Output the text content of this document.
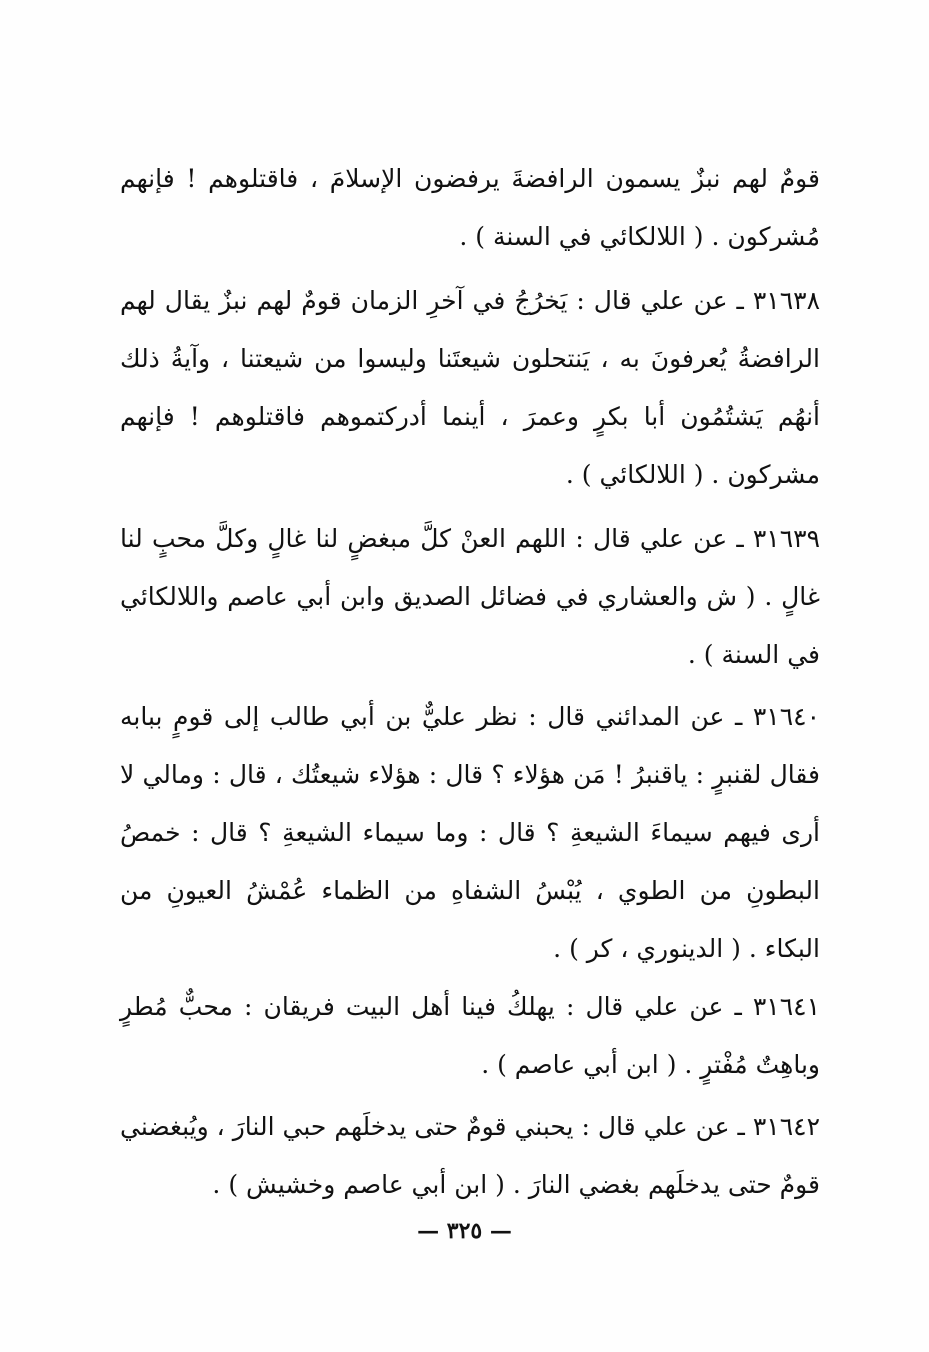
قومٌ لهم نبزٌ يسمون الرافضةَ يرفضون الإسلامَ ، فاقتلوهم ! فإنهم مُشركون . ( اللالكائي في السنة ) .

٣١٦٣٨ ـ عن علي قال : يَخرُجُ في آخرِ الزمان قومٌ لهم نبزٌ يقال لهم الرافضةُ يُعرفونَ به ، يَنتحلون شيعتَنا وليسوا من شيعتنا ، وآيةُ ذلك أنهُم يَشتُمُون أبا بكرٍ وعمرَ ، أينما أدركتموهم فاقتلوهم ! فإنهم مشركون . ( اللالكائي ) .

٣١٦٣٩ ـ عن علي قال : اللهم العنْ كلَّ مبغضٍ لنا غالٍ وكلَّ محبٍ لنا غالٍ . ( ش والعشاري في فضائل الصديق وابن أبي عاصم واللالكائي في السنة ) .

٣١٦٤٠ ـ عن المدائني قال : نظر عليٌّ بن أبي طالب إلى قومٍ ببابه فقال لقنبرٍ : ياقنبرُ ! مَن هؤلاء ؟ قال : هؤلاء شيعتُك ، قال : ومالي لا أرى فيهم سيماءَ الشيعةِ ؟ قال : وما سيماء الشيعةِ ؟ قال : خمصُ البطونِ من الطوي ، يُبْسُ الشفاهِ من الظماء عُمْشُ العيونِ من البكاء . ( الدينوري ، كر ) .

٣١٦٤١ ـ عن علي قال : يهلكُ فينا أهل البيت فريقان : محبٌّ مُطرٍ وباهِتٌ مُفْترٍ . ( ابن أبي عاصم ) .

٣١٦٤٢ ـ عن علي قال : يحبني قومٌ حتى يدخلَهم حبي النارَ ، ويُبغضني قومٌ حتى يدخلَهم بغضي النارَ . ( ابن أبي عاصم وخشيش ) .

— ٣٢٥ —
